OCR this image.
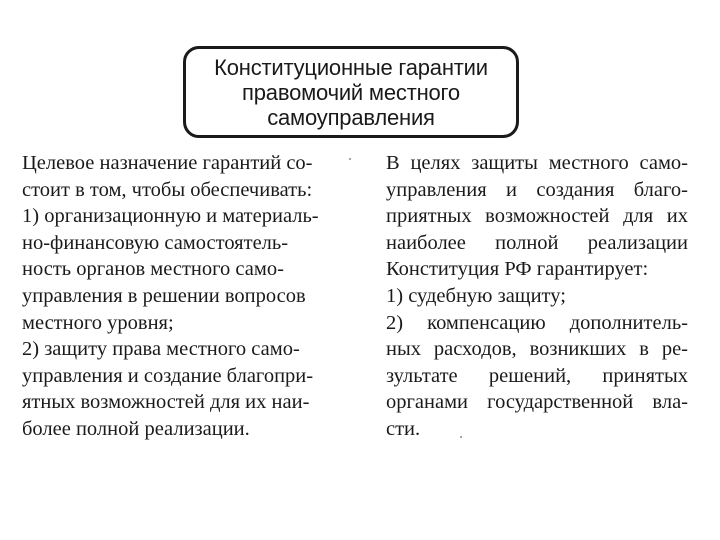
Конституционные гарантии
правомочий местного
самоуправления
Целевое назначение гарантий со-
стоит в том, чтобы обеспечивать:
1) организационную и материаль-
но-финансовую самостоятель-
ность органов местного само-
управления в решении вопросов
местного уровня;
2) защиту права местного само-
управления и создание благопри-
ятных возможностей для их наи-
более полной реализации.
В целях защиты местного само-
управления и создания благо-
приятных возможностей для их
наиболее полной реализации
Конституция РФ гарантирует:
1) судебную защиту;
2) компенсацию дополнитель-
ных расходов, возникших в ре-
зультате решений, принятых
органами государственной вла-
сти.
